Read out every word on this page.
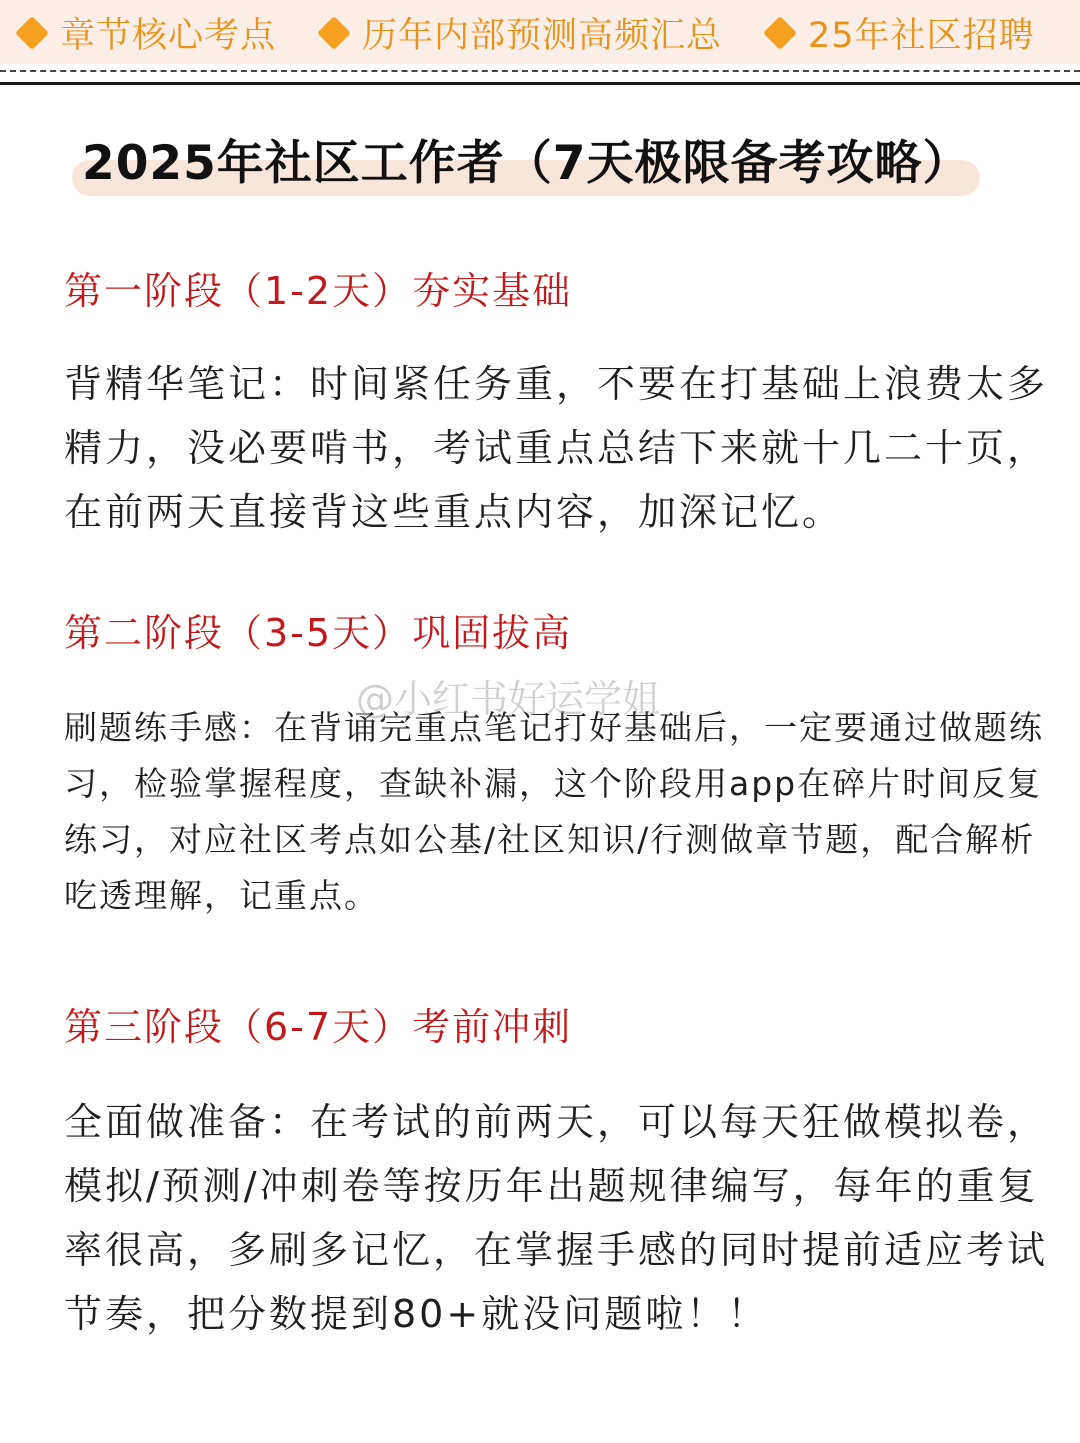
章节核心考点 历年内部预测高频汇总 25年社区招聘
2025年社区工作者（7天极限备考攻略）
第一阶段（1-2天）夯实基础

背精华笔记：时间紧任务重，不要在打基础上浪费太多精力，没必要啃书，考试重点总结下来就十几二十页，在前两天直接背这些重点内容，加深记忆。

第二阶段（3-5天）巩固拔高

刷题练手感：在背诵完重点笔记打好基础后，一定要通过做题练习，检验掌握程度，查缺补漏，这个阶段用app在碎片时间反复练习，对应社区考点如公基/社区知识/行测做章节题，配合解析吃透理解，记重点。

@小红书好运学姐
第三阶段（6-7天）考前冲刺

全面做准备：在考试的前两天，可以每天狂做模拟卷，模拟/预测/冲刺卷等按历年出题规律编写，每年的重复率很高，多刷多记忆，在掌握手感的同时提前适应考试节奏，把分数提到80+就没问题啦！！
